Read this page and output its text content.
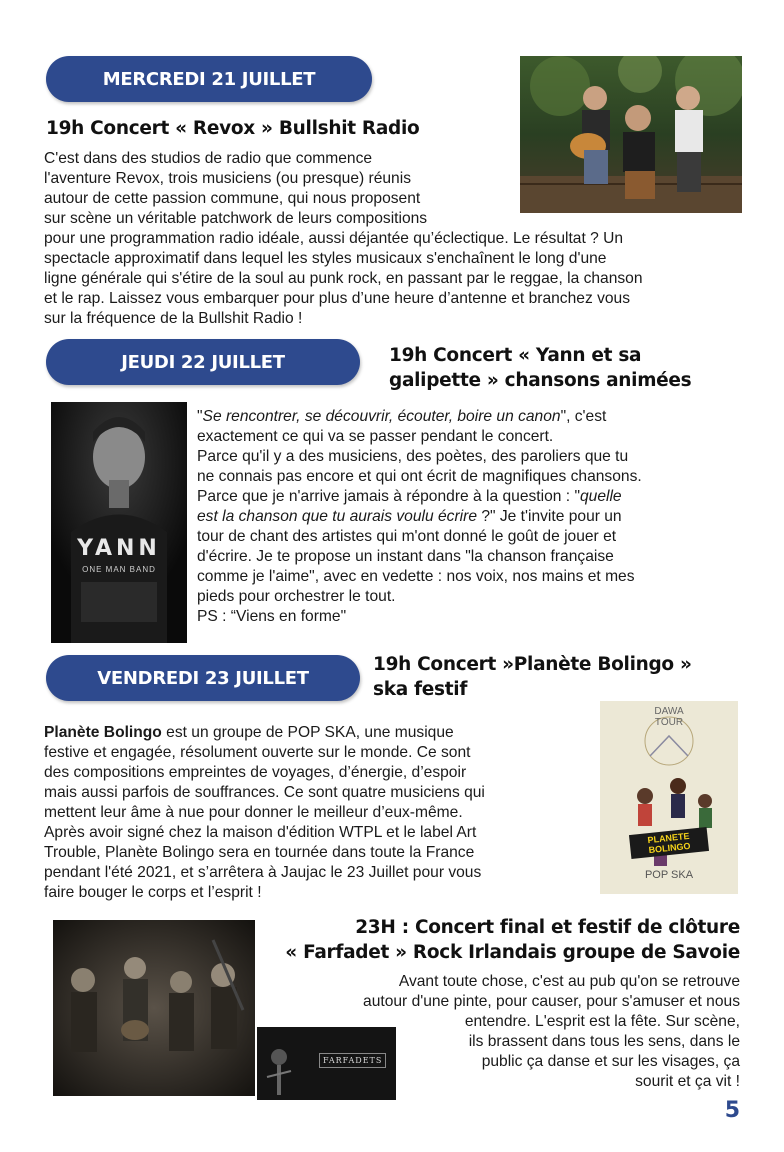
MERCREDI 21 JUILLET
19h Concert « Revox » Bullshit Radio
C'est dans des studios de radio que commence
l'aventure Revox, trois musiciens (ou presque) réunis
autour de cette passion commune, qui nous proposent
sur scène un véritable patchwork de leurs compositions
pour une programmation radio idéale, aussi déjantée qu’éclectique. Le résultat ? Un
spectacle approximatif dans lequel les styles musicaux s'enchaînent le long d'une
ligne générale qui s'étire de la soul au punk rock, en passant par le reggae, la chanson
et le rap. Laissez vous embarquer pour plus d’une heure d’antenne et branchez vous
sur la fréquence de la Bullshit Radio !
JEUDI 22 JUILLET	19h Concert « Yann et sa
galipette » chansons animées
YANN
ONE MAN BAND
"Se rencontrer, se découvrir, écouter, boire un canon", c'est
exactement ce qui va se passer pendant le concert.
Parce qu'il y a des musiciens, des poètes, des paroliers que tu
ne connais pas encore et qui ont écrit de magnifiques chansons.
Parce que je n'arrive jamais à répondre à la question : "quelle
est la chanson que tu aurais voulu écrire ?" Je t'invite pour un
tour de chant des artistes qui m'ont donné le goût de jouer et
d'écrire. Je te propose un instant dans "la chanson française
comme je l'aime", avec en vedette : nos voix, nos mains et mes
pieds pour orchestrer le tout.
PS : “Viens en forme"
VENDREDI 23 JUILLET
19h Concert »Planète Bolingo »
ska festif
DAWA
TOUR
PLANETE
BOLINGO
POP SKA
Planète Bolingo est un groupe de POP SKA, une musique
festive et engagée, résolument ouverte sur le monde. Ce sont
des compositions empreintes de voyages, d’énergie, d’espoir
mais aussi parfois de souffrances. Ce sont quatre musiciens qui
mettent leur âme à nue pour donner le meilleur d’eux-même.
Après avoir signé chez la maison d'édition WTPL et le label Art
Trouble, Planète Bolingo sera en tournée dans toute la France
pendant l'été 2021, et s’arrêtera à Jaujac le 23 Juillet pour vous
faire bouger le corps et l’esprit !
23H : Concert final et festif de clôture
« Farfadet » Rock Irlandais groupe de Savoie
FARFADETS
Avant toute chose, c'est au pub qu'on se retrouve
autour d'une pinte, pour causer, pour s'amuser et nous
entendre. L'esprit est la fête. Sur scène,
ils brassent dans tous les sens, dans le
public ça danse et sur les visages, ça
sourit et ça vit !
5
